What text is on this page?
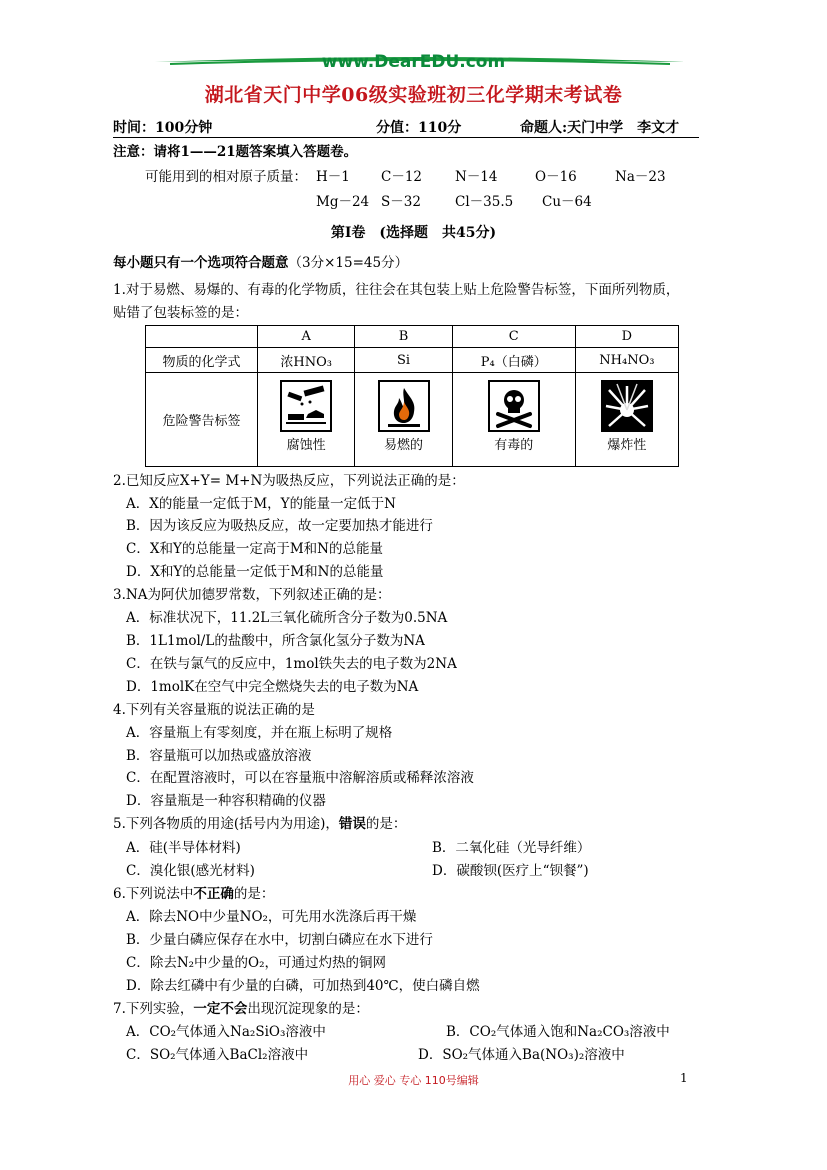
www.DearEDU.com
湖北省天门中学06级实验班初三化学期末考试卷
时间：100分钟	分值：110分	命题人:天门中学　李文才
注意：请将1——21题答案填入答题卷。
可能用到的相对原子质量： H－1 C－12 N－14	O－16	Na－23
Mg－24 S－32	Cl－35.5 Cu－64
第Ⅰ卷　(选择题　共45分)
每小题只有一个选项符合题意（3分×15=45分）
1.对于易燃、易爆的、有毒的化学物质，往往会在其包装上贴上危险警告标签，下面所列物质，
贴错了包装标签的是：
	A	B	C	D
物质的化学式	浓HNO₃	Si	P₄（白磷）	NH₄NO₃
危险警告标签	腐蚀性	易燃的	有毒的	爆炸性
2.已知反应X+Y= M+N为吸热反应，下列说法正确的是：
A．X的能量一定低于M，Y的能量一定低于N
B．因为该反应为吸热反应，故一定要加热才能进行
C．X和Y的总能量一定高于M和N的总能量
D．X和Y的总能量一定低于M和N的总能量
3.NA为阿伏加德罗常数，下列叙述正确的是：
A．标准状况下，11.2L三氧化硫所含分子数为0.5NA
B．1L1mol/L的盐酸中，所含氯化氢分子数为NA
C．在铁与氯气的反应中，1mol铁失去的电子数为2NA
D．1molK在空气中完全燃烧失去的电子数为NA
4.下列有关容量瓶的说法正确的是
A．容量瓶上有零刻度，并在瓶上标明了规格
B．容量瓶可以加热或盛放溶液
C．在配置溶液时，可以在容量瓶中溶解溶质或稀释浓溶液
D．容量瓶是一种容积精确的仪器
5.下列各物质的用途(括号内为用途)，错误的是：
A．硅(半导体材料)	B．二氧化硅（光导纤维）
C．溴化银(感光材料)	D．碳酸钡(医疗上“钡餐”)
6.下列说法中不正确的是：
A．除去NO中少量NO₂，可先用水洗涤后再干燥
B．少量白磷应保存在水中，切割白磷应在水下进行
C．除去N₂中少量的O₂，可通过灼热的铜网
D．除去红磷中有少量的白磷，可加热到40℃，使白磷自燃
7.下列实验，一定不会出现沉淀现象的是：
A．CO₂气体通入Na₂SiO₃溶液中	B．CO₂气体通入饱和Na₂CO₃溶液中
C．SO₂气体通入BaCl₂溶液中	D．SO₂气体通入Ba(NO₃)₂溶液中
用心 爱心 专心 110号编辑	1
